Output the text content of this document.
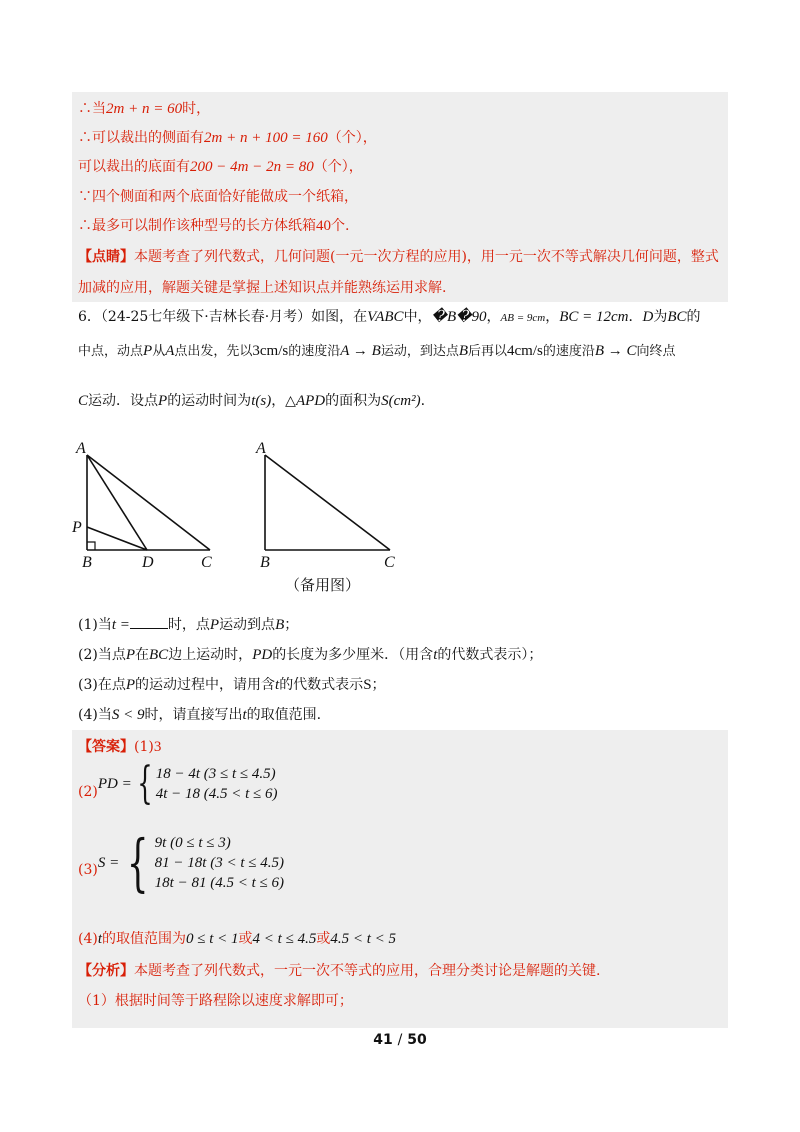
∴当2m + n = 60时，
∴可以裁出的侧面有2m + n + 100 = 160（个），
可以裁出的底面有200 − 4m − 2n = 80（个），
∵四个侧面和两个底面恰好能做成一个纸箱，
∴最多可以制作该种型号的长方体纸箱40个.
【点睛】本题考查了列代数式，几何问题(一元一次方程的应用)，用一元一次不等式解决几何问题，整式
加减的应用，解题关键是掌握上述知识点并能熟练运用求解.
6．（24-25七年级下·吉林长春·月考）如图，在VABC中，�B�90，AB = 9cm，BC = 12cm．D为BC的
中点，动点P从A点出发，先以3cm/s的速度沿A → B运动，到达点B后再以4cm/s的速度沿B → C向终点
C运动．设点P的运动时间为t(s)，△APD的面积为S(cm²).
A
P
B	D	C
A
B	C
（备用图）
(1)当t =	时，点P运动到点B；
(2)当点P在BC边上运动时，PD的长度为多少厘米．（用含t的代数式表示）；
(3)在点P的运动过程中，请用含t的代数式表示S；
(4)当S < 9时，请直接写出t的取值范围.
【答案】(1)3
(2)
PD = { 18 − 4t (3 ≤ t ≤ 4.5)
4t − 18 (4.5 < t ≤ 6)
(3) S = { 9t (0 ≤ t ≤ 3)
81 − 18t (3 < t ≤ 4.5)
18t − 81 (4.5 < t ≤ 6)
(4)t的取值范围为0 ≤ t < 1或4 < t ≤ 4.5或4.5 < t < 5
【分析】本题考查了列代数式，一元一次不等式的应用，合理分类讨论是解题的关键.
（1）根据时间等于路程除以速度求解即可；
41 / 50
